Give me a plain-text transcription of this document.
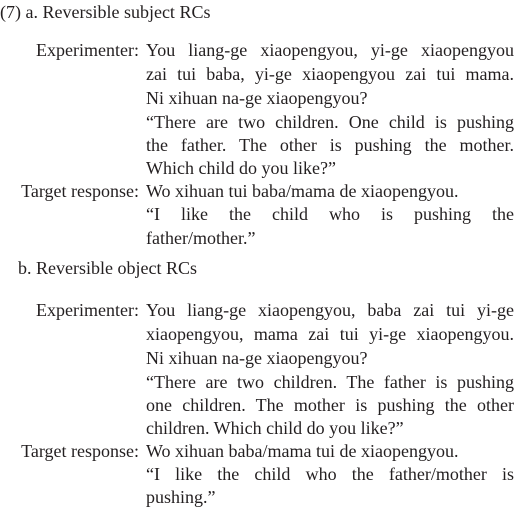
(7) a. Reversible subject RCs
Experimenter: You liang-ge xiaopengyou, yi-ge xiaopengyou
zai tui baba, yi-ge xiaopengyou zai tui mama.
Ni xihuan na-ge xiaopengyou?
“There are two children. One child is pushing
the father. The other is pushing the mother.
Which child do you like?”
Target response: Wo xihuan tui baba/mama de xiaopengyou.
“I like the child who is pushing the
father/mother.”
b. Reversible object RCs
Experimenter: You liang-ge xiaopengyou, baba zai tui yi-ge
xiaopengyou, mama zai tui yi-ge xiaopengyou.
Ni xihuan na-ge xiaopengyou?
“There are two children. The father is pushing
one children. The mother is pushing the other
children. Which child do you like?”
Target response: Wo xihuan baba/mama tui de xiaopengyou.
“I like the child who the father/mother is
pushing.”
